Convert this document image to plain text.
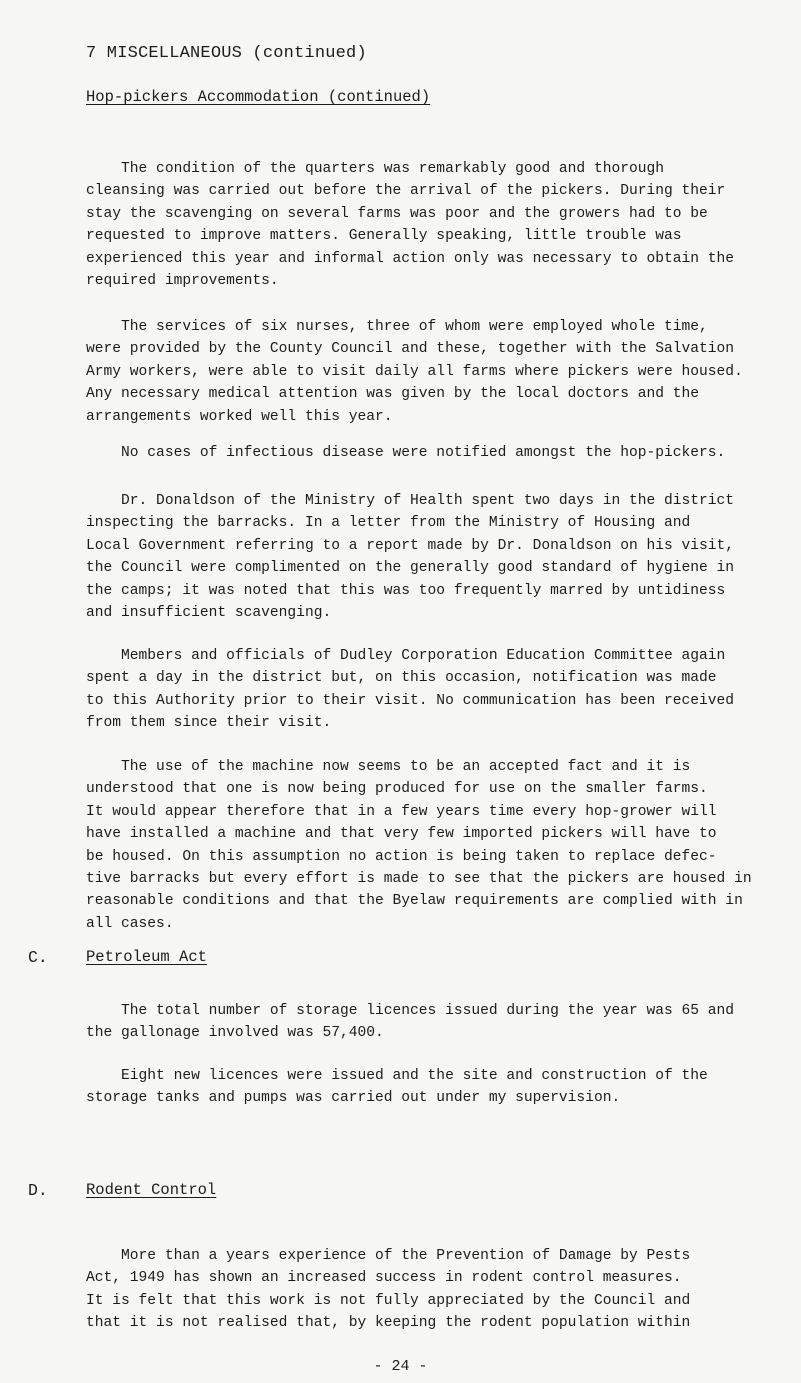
7 MISCELLANEOUS (continued)
Hop-pickers Accommodation (continued)

The condition of the quarters was remarkably good and thorough
cleansing was carried out before the arrival of the pickers. During their
stay the scavenging on several farms was poor and the growers had to be
requested to improve matters. Generally speaking, little trouble was
experienced this year and informal action only was necessary to obtain the
required improvements.

The services of six nurses, three of whom were employed whole time,
were provided by the County Council and these, together with the Salvation
Army workers, were able to visit daily all farms where pickers were housed.
Any necessary medical attention was given by the local doctors and the
arrangements worked well this year.

No cases of infectious disease were notified amongst the hop-pickers.

Dr. Donaldson of the Ministry of Health spent two days in the district
inspecting the barracks. In a letter from the Ministry of Housing and
Local Government referring to a report made by Dr. Donaldson on his visit,
the Council were complimented on the generally good standard of hygiene in
the camps; it was noted that this was too frequently marred by untidiness
and insufficient scavenging.

Members and officials of Dudley Corporation Education Committee again
spent a day in the district but, on this occasion, notification was made
to this Authority prior to their visit. No communication has been received
from them since their visit.

The use of the machine now seems to be an accepted fact and it is
understood that one is now being produced for use on the smaller farms.
It would appear therefore that in a few years time every hop-grower will
have installed a machine and that very few imported pickers will have to
be housed. On this assumption no action is being taken to replace defec-
tive barracks but every effort is made to see that the pickers are housed in
reasonable conditions and that the Byelaw requirements are complied with in
all cases.

C. Petroleum Act

The total number of storage licences issued during the year was 65 and
the gallonage involved was 57,400.

Eight new licences were issued and the site and construction of the
storage tanks and pumps was carried out under my supervision.

D. Rodent Control

More than a years experience of the Prevention of Damage by Pests
Act, 1949 has shown an increased success in rodent control measures.
It is felt that this work is not fully appreciated by the Council and
that it is not realised that, by keeping the rodent population within

- 24 -
